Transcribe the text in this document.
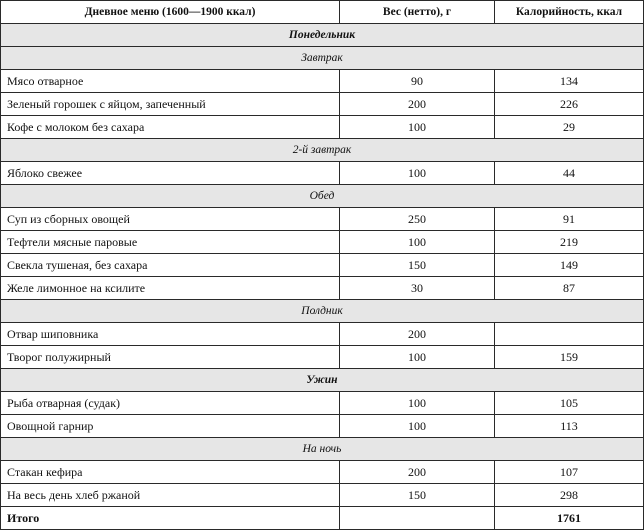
Дневное меню (1600—1900 ккал)	Вес (нетто), г	Калорийность, ккал
Понедельник		
Завтрак		
Мясо отварное	90	134
Зеленый горошек с яйцом, запеченный	200	226
Кофе с молоком без сахара	100	29
2-й завтрак		
Яблоко свежее	100	44
Обед		
Суп из сборных овощей	250	91
Тефтели мясные паровые	100	219
Свекла тушеная, без сахара	150	149
Желе лимонное на ксилите	30	87
Полдник		
Отвар шиповника	200	
Творог полужирный	100	159
Ужин		
Рыба отварная (судак)	100	105
Овощной гарнир	100	113
На ночь		
Стакан кефира	200	107
На весь день хлеб ржаной	150	298
Итого		1761
